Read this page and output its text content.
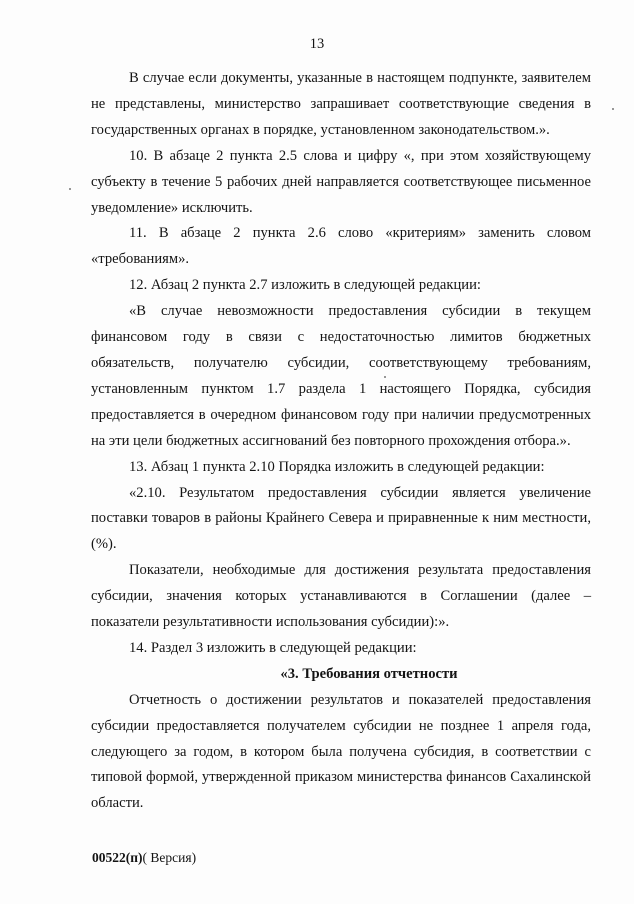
13

В случае если документы, указанные в настоящем подпункте, заявителем не представлены, министерство запрашивает соответствующие сведения в государственных органах в порядке, установленном законодательством.».

10. В абзаце 2 пункта 2.5 слова и цифру «, при этом хозяйствующему субъекту в течение 5 рабочих дней направляется соответствующее письменное уведомление» исключить.

11. В абзаце 2 пункта 2.6 слово «критериям» заменить словом «требованиям».

12. Абзац 2 пункта 2.7 изложить в следующей редакции:

«В случае невозможности предоставления субсидии в текущем финансовом году в связи с недостаточностью лимитов бюджетных обязательств, получателю субсидии, соответствующему требованиям, установленным пунктом 1.7 раздела 1 настоящего Порядка, субсидия предоставляется в очередном финансовом году при наличии предусмотренных на эти цели бюджетных ассигнований без повторного прохождения отбора.».

13. Абзац 1 пункта 2.10 Порядка изложить в следующей редакции:

«2.10. Результатом предоставления субсидии является увеличение поставки товаров в районы Крайнего Севера и приравненные к ним местности, (%).

Показатели, необходимые для достижения результата предоставления субсидии, значения которых устанавливаются в Соглашении (далее – показатели результативности использования субсидии):».

14. Раздел 3 изложить в следующей редакции:

«3. Требования отчетности

Отчетность о достижении результатов и показателей предоставления субсидии предоставляется получателем субсидии не позднее 1 апреля года, следующего за годом, в котором была получена субсидия, в соответствии с типовой формой, утвержденной приказом министерства финансов Сахалинской области.

00522(п)( Версия)
